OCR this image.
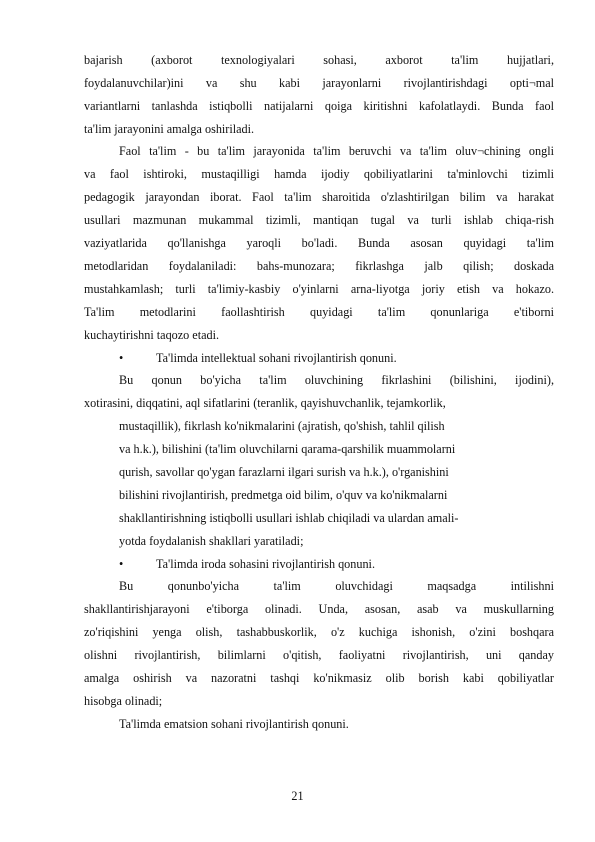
bajarish (axborot texnologiyalari sohasi, axborot ta'lim hujjatlari,
foydalanuvchilar)ini va shu kabi jarayonlarni rivojlantirishdagi opti¬mal
variantlarni tanlashda istiqbolli natijalarni qoiga kiritishni kafolatlaydi. Bunda faol
ta'lim jarayonini amalga oshiriladi.
Faol ta'lim - bu ta'lim jarayonida ta'lim beruvchi va ta'lim oluv¬chining ongli
va faol ishtiroki, mustaqilligi hamda ijodiy qobiliyatlarini ta'minlovchi tizimli
pedagogik jarayondan iborat. Faol ta'lim sharoitida o'zlashtirilgan bilim va harakat
usullari mazmunan mukammal tizimli, mantiqan tugal va turli ishlab chiqa-rish
vaziyatlarida qo'llanishga yaroqli bo'ladi. Bunda asosan quyidagi ta'lim
metodlaridan foydalaniladi: bahs-munozara; fikrlashga jalb qilish; doskada
mustahkamlash; turli ta'limiy-kasbiy o'yinlarni arna-liyotga joriy etish va hokazo.
Ta'lim metodlarini faollashtirish quyidagi ta'lim qonunlariga e'tiborni
kuchaytirishni taqozo etadi.
•	Ta'limda intellektual sohani rivojlantirish qonuni.
Bu qonun bo'yicha ta'lim oluvchining fikrlashini (bilishini, ijodini),
xotirasini, diqqatini, aql sifatlarini (teranlik, qayishuvchanlik, tejamkorlik,
mustaqillik), fikrlash ko'nikmalarini (ajratish, qo'shish, tahlil qilish
va h.k.), bilishini (ta'lim oluvchilarni qarama-qarshilik muammolarni
qurish, savollar qo'ygan farazlarni ilgari surish va h.k.), o'rganishini
bilishini rivojlantirish, predmetga oid bilim, o'quv va ko'nikmalarni
shakllantirishning istiqbolli usullari ishlab chiqiladi va ulardan amali-
yotda foydalanish shakllari yaratiladi;
•	Ta'limda iroda sohasini rivojlantirish qonuni.
Bu qonunbo'yicha ta'lim oluvchidagi maqsadga intilishni
shakllantirishjarayoni e'tiborga olinadi. Unda, asosan, asab va muskullarning
zo'riqishini yenga olish, tashabbuskorlik, o'z kuchiga ishonish, o'zini boshqara
olishni rivojlantirish, bilimlarni o'qitish, faoliyatni rivojlantirish, uni qanday
amalga oshirish va nazoratni tashqi ko'nikmasiz olib borish kabi qobiliyatlar
hisobga olinadi;
Ta'limda ematsion sohani rivojlantirish qonuni.
21
